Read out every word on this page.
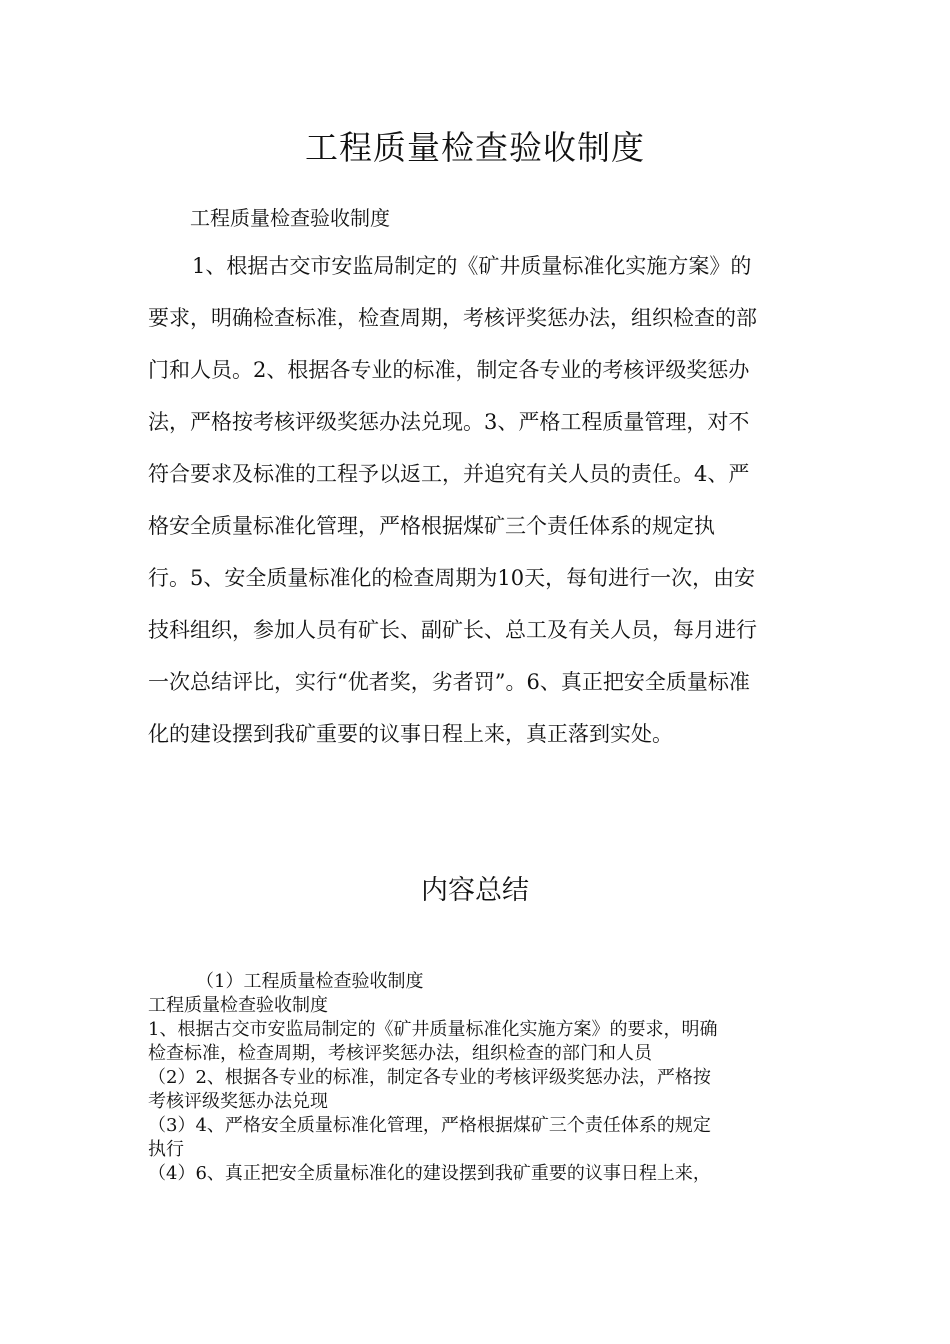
工程质量检查验收制度
工程质量检查验收制度
1、根据古交市安监局制定的《矿井质量标准化实施方案》的
要求，明确检查标准，检查周期，考核评奖惩办法，组织检查的部
门和人员。2、根据各专业的标准，制定各专业的考核评级奖惩办
法，严格按考核评级奖惩办法兑现。3、严格工程质量管理，对不
符合要求及标准的工程予以返工，并追究有关人员的责任。4、严
格安全质量标准化管理，严格根据煤矿三个责任体系的规定执
行。5、安全质量标准化的检查周期为10天，每旬进行一次，由安
技科组织，参加人员有矿长、副矿长、总工及有关人员，每月进行
一次总结评比，实行“优者奖，劣者罚”。6、真正把安全质量标准
化的建设摆到我矿重要的议事日程上来，真正落到实处。
内容总结
（1）工程质量检查验收制度
工程质量检查验收制度
1、根据古交市安监局制定的《矿井质量标准化实施方案》的要求，明确
检查标准，检查周期，考核评奖惩办法，组织检查的部门和人员
（2）2、根据各专业的标准，制定各专业的考核评级奖惩办法，严格按
考核评级奖惩办法兑现
（3）4、严格安全质量标准化管理，严格根据煤矿三个责任体系的规定
执行
（4）6、真正把安全质量标准化的建设摆到我矿重要的议事日程上来，
